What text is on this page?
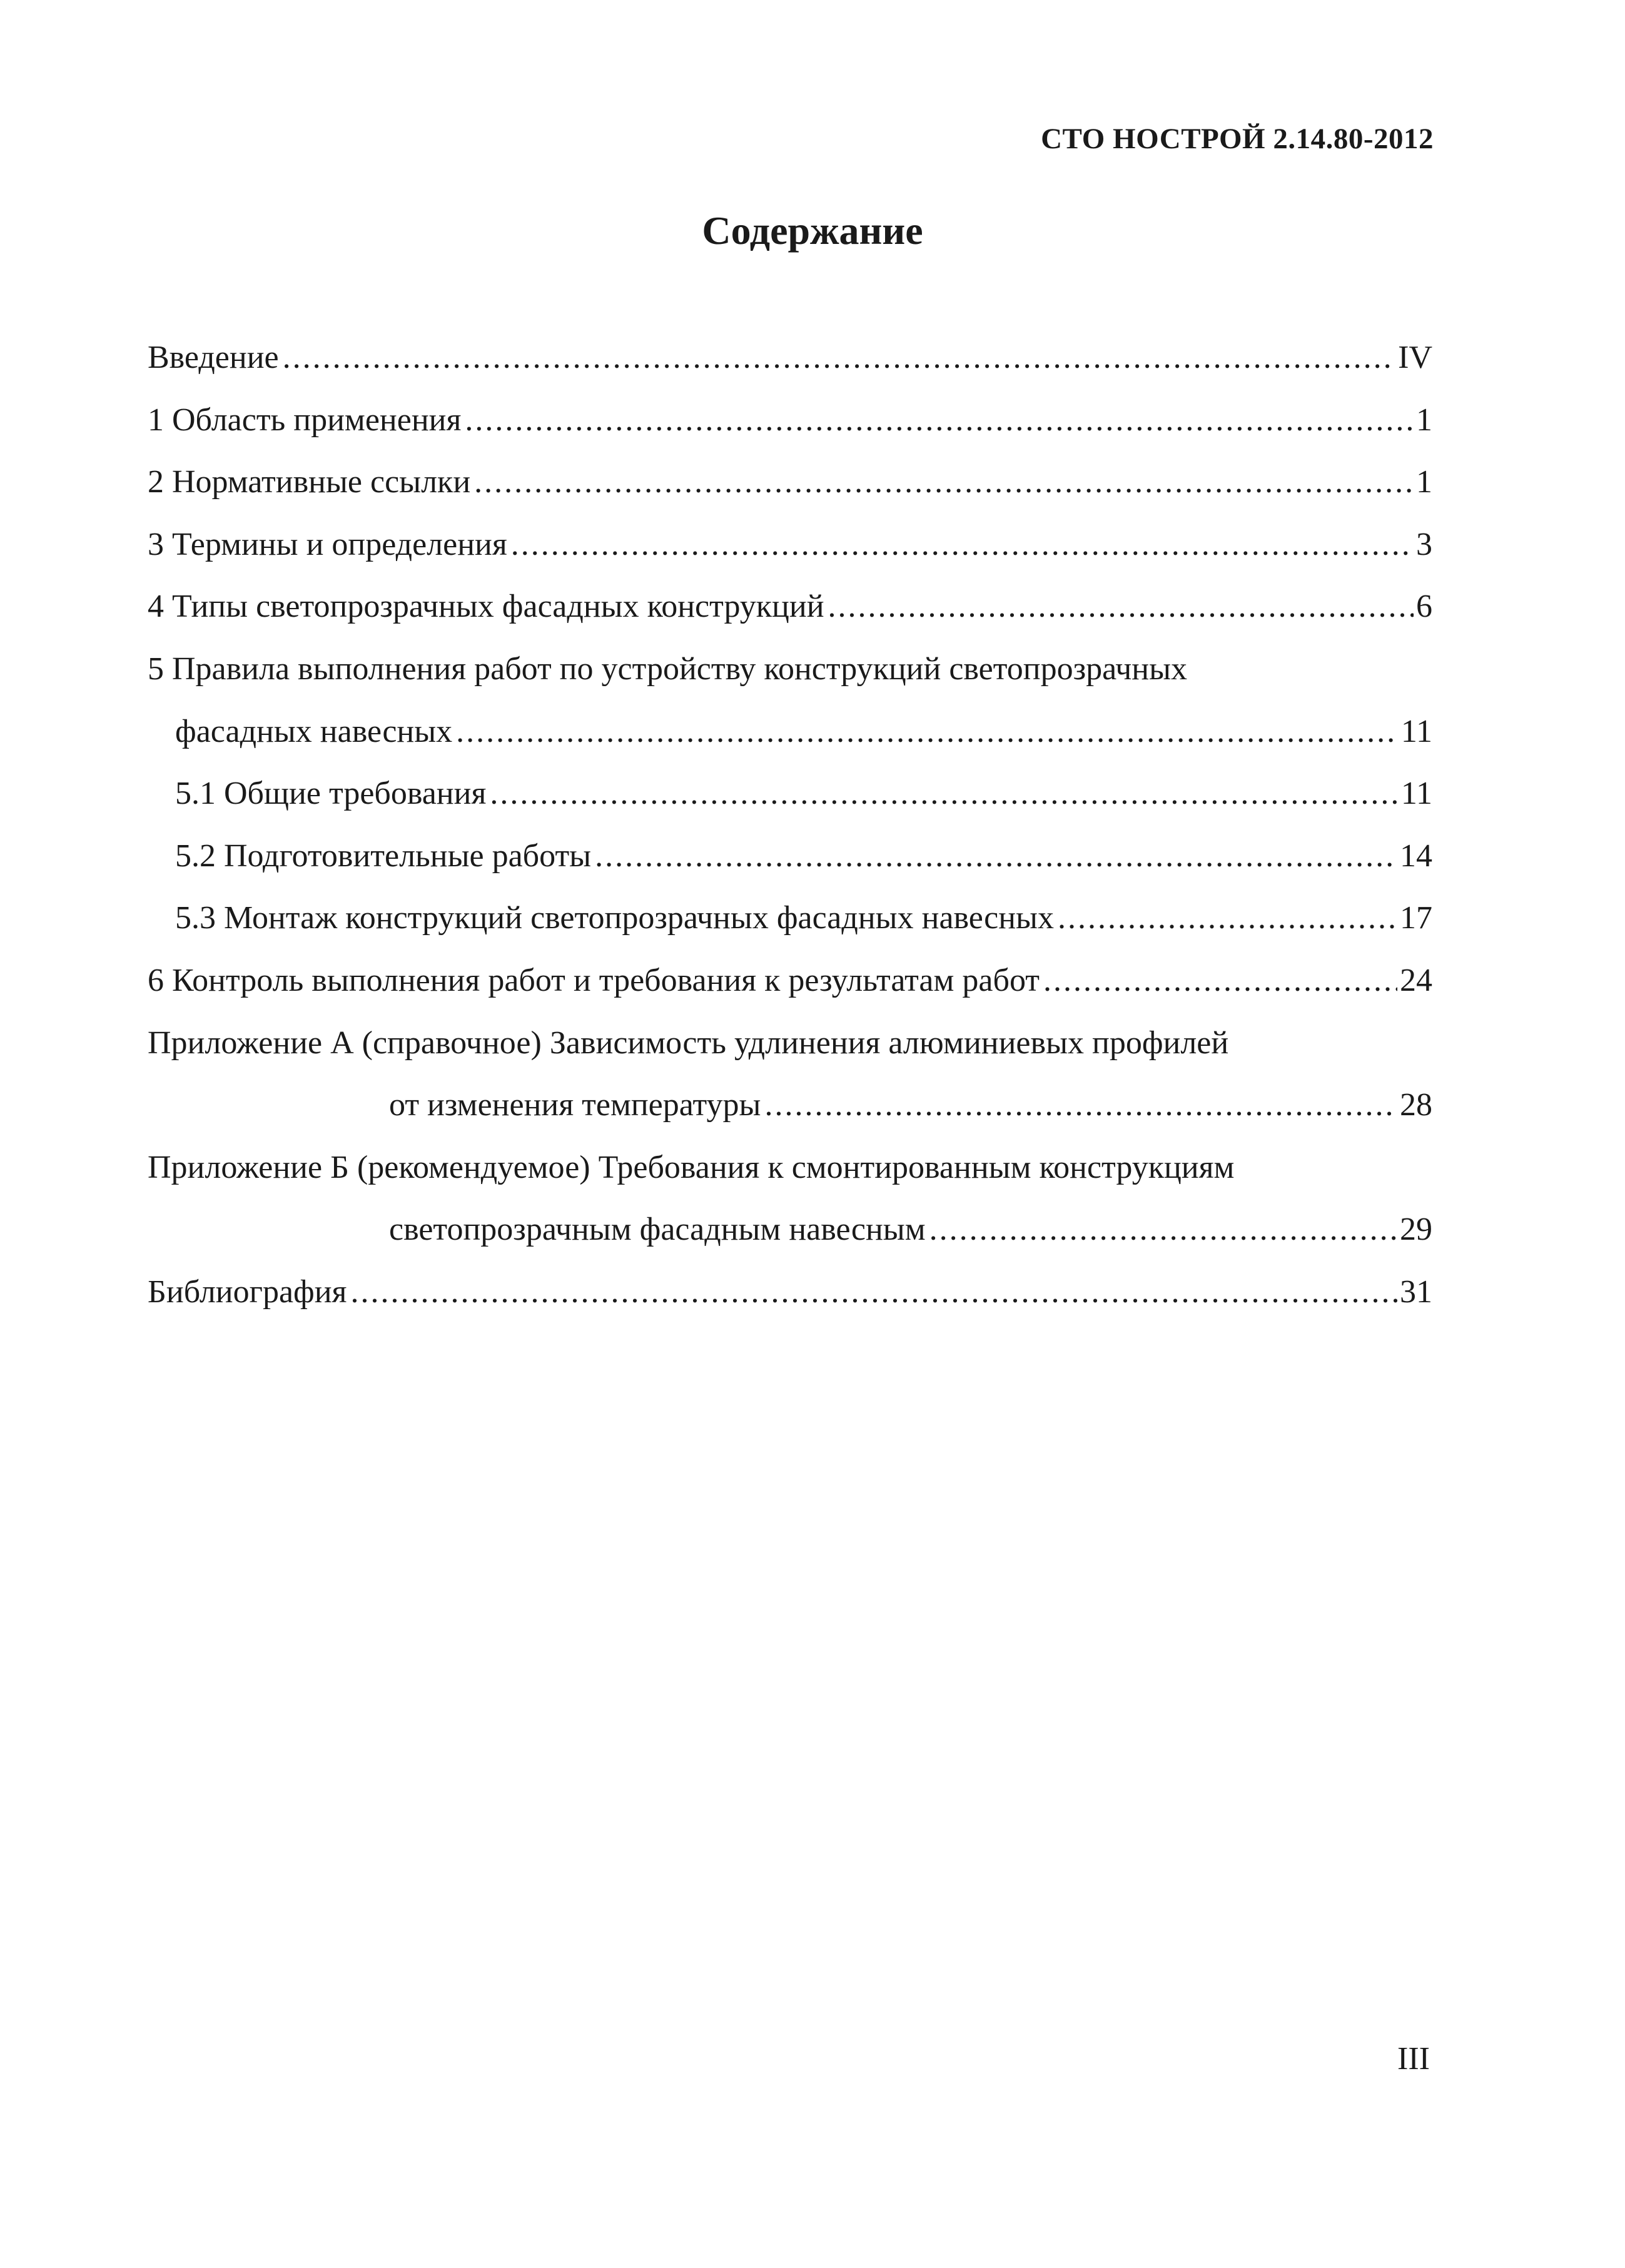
СТО НОСТРОЙ 2.14.80-2012
Содержание
Введение .....	IV
1 Область применения .....	1
2 Нормативные ссылки .....	1
3 Термины и определения .....	3
4 Типы светопрозрачных фасадных конструкций .....	6
5 Правила выполнения работ по устройству конструкций светопрозрачных
фасадных навесных .....	11
5.1 Общие требования .....	11
5.2 Подготовительные работы .....	14
5.3 Монтаж конструкций светопрозрачных фасадных навесных .....	17
6 Контроль выполнения работ и требования к результатам работ .....	24
Приложение А (справочное) Зависимость удлинения алюминиевых профилей
от изменения температуры .....	28
Приложение Б (рекомендуемое) Требования к смонтированным конструкциям
светопрозрачным фасадным навесным .....	29
Библиография .....	31
III
